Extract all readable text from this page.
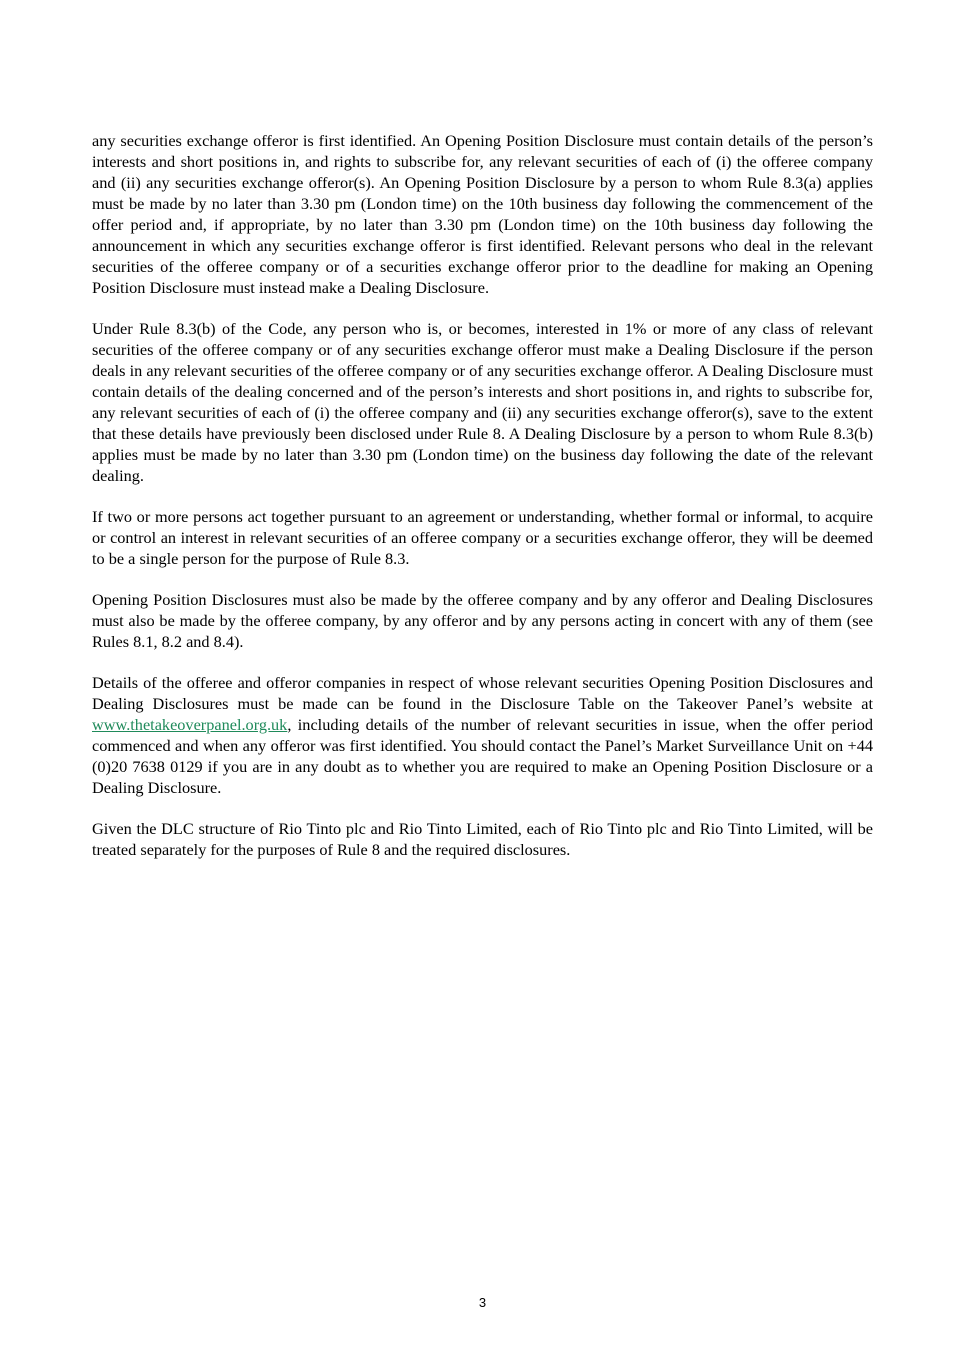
any securities exchange offeror is first identified. An Opening Position Disclosure must contain details of the person’s interests and short positions in, and rights to subscribe for, any relevant securities of each of (i) the offeree company and (ii) any securities exchange offeror(s). An Opening Position Disclosure by a person to whom Rule 8.3(a) applies must be made by no later than 3.30 pm (London time) on the 10th business day following the commencement of the offer period and, if appropriate, by no later than 3.30 pm (London time) on the 10th business day following the announcement in which any securities exchange offeror is first identified. Relevant persons who deal in the relevant securities of the offeree company or of a securities exchange offeror prior to the deadline for making an Opening Position Disclosure must instead make a Dealing Disclosure.

Under Rule 8.3(b) of the Code, any person who is, or becomes, interested in 1% or more of any class of relevant securities of the offeree company or of any securities exchange offeror must make a Dealing Disclosure if the person deals in any relevant securities of the offeree company or of any securities exchange offeror. A Dealing Disclosure must contain details of the dealing concerned and of the person’s interests and short positions in, and rights to subscribe for, any relevant securities of each of (i) the offeree company and (ii) any securities exchange offeror(s), save to the extent that these details have previously been disclosed under Rule 8. A Dealing Disclosure by a person to whom Rule 8.3(b) applies must be made by no later than 3.30 pm (London time) on the business day following the date of the relevant dealing.

If two or more persons act together pursuant to an agreement or understanding, whether formal or informal, to acquire or control an interest in relevant securities of an offeree company or a securities exchange offeror, they will be deemed to be a single person for the purpose of Rule 8.3.

Opening Position Disclosures must also be made by the offeree company and by any offeror and Dealing Disclosures must also be made by the offeree company, by any offeror and by any persons acting in concert with any of them (see Rules 8.1, 8.2 and 8.4).

Details of the offeree and offeror companies in respect of whose relevant securities Opening Position Disclosures and Dealing Disclosures must be made can be found in the Disclosure Table on the Takeover Panel’s website at www.thetakeoverpanel.org.uk, including details of the number of relevant securities in issue, when the offer period commenced and when any offeror was first identified. You should contact the Panel’s Market Surveillance Unit on +44 (0)20 7638 0129 if you are in any doubt as to whether you are required to make an Opening Position Disclosure or a Dealing Disclosure.

Given the DLC structure of Rio Tinto plc and Rio Tinto Limited, each of Rio Tinto plc and Rio Tinto Limited, will be treated separately for the purposes of Rule 8 and the required disclosures.

3
